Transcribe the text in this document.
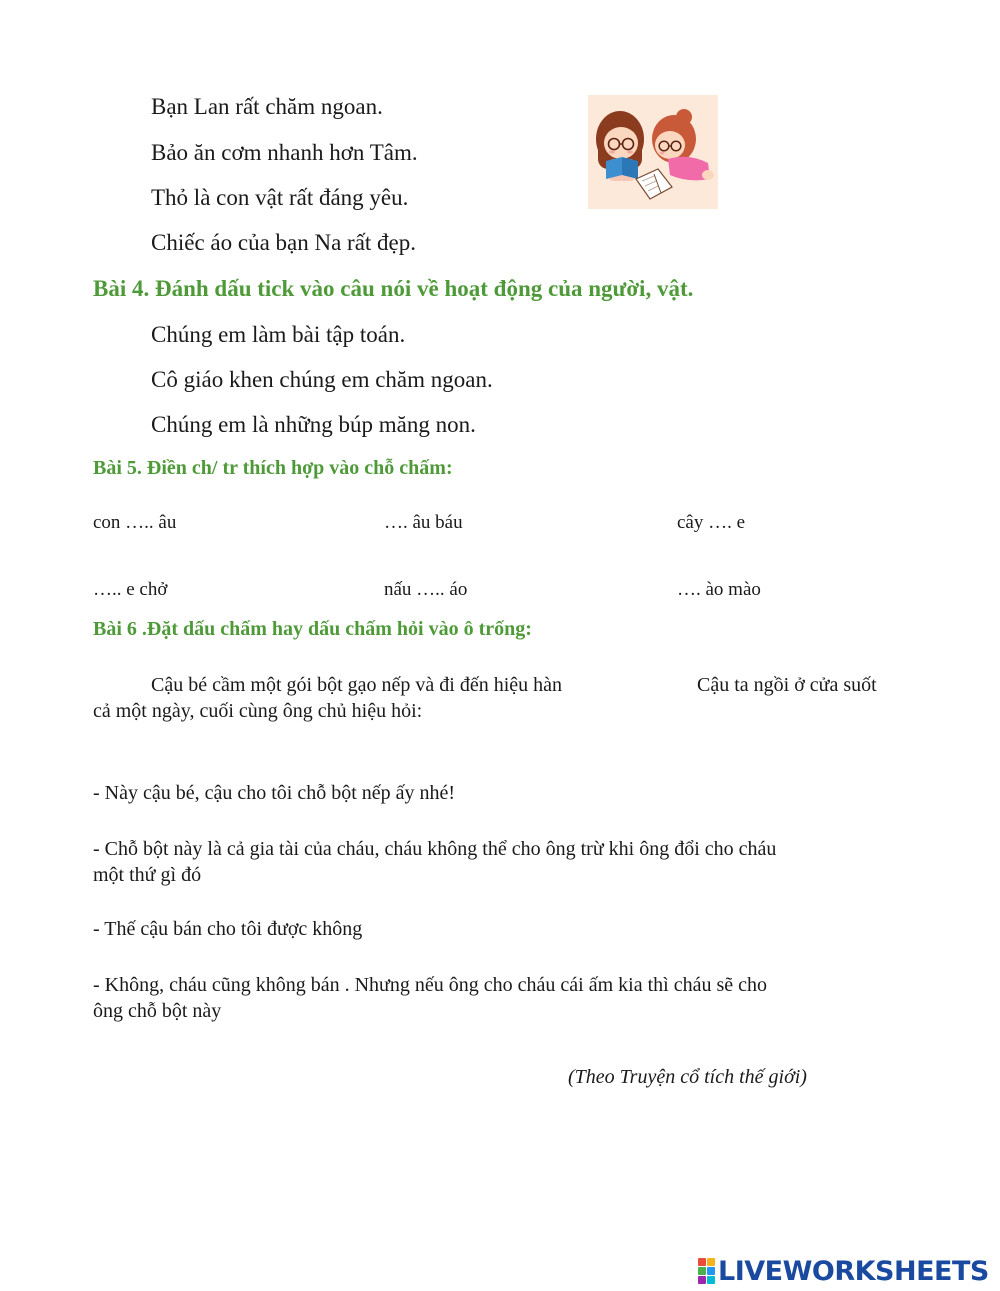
Bạn Lan rất chăm ngoan.
Bảo ăn cơm nhanh hơn Tâm.
Thỏ là con vật rất đáng yêu.
Chiếc áo của bạn Na rất đẹp.
Bài 4. Đánh dấu tick vào câu nói về hoạt động của người, vật.
Chúng em làm bài tập toán.
Cô giáo khen chúng em chăm ngoan.
Chúng em là những búp măng non.
Bài 5. Điền ch/ tr thích hợp vào chỗ chấm:
con ….. âu	…. âu báu	cây …. e
….. e chở	nấu ….. áo	…. ào mào
Bài 6 .Đặt dấu chấm hay dấu chấm hỏi vào ô trống:
Cậu bé cầm một gói bột gạo nếp và đi đến hiệu hàn	Cậu ta ngồi ở cửa suốt
cả một ngày, cuối cùng ông chủ hiệu hỏi:
- Này cậu bé, cậu cho tôi chỗ bột nếp ấy nhé!
- Chỗ bột này là cả gia tài của cháu, cháu không thể cho ông trừ khi ông đổi cho cháu
một thứ gì đó
- Thế cậu bán cho tôi được không
- Không, cháu cũng không bán . Nhưng nếu ông cho cháu cái ấm kia thì cháu sẽ cho
ông chỗ bột này
(Theo Truyện cổ tích thế giới)
LIVEWORKSHEETS
